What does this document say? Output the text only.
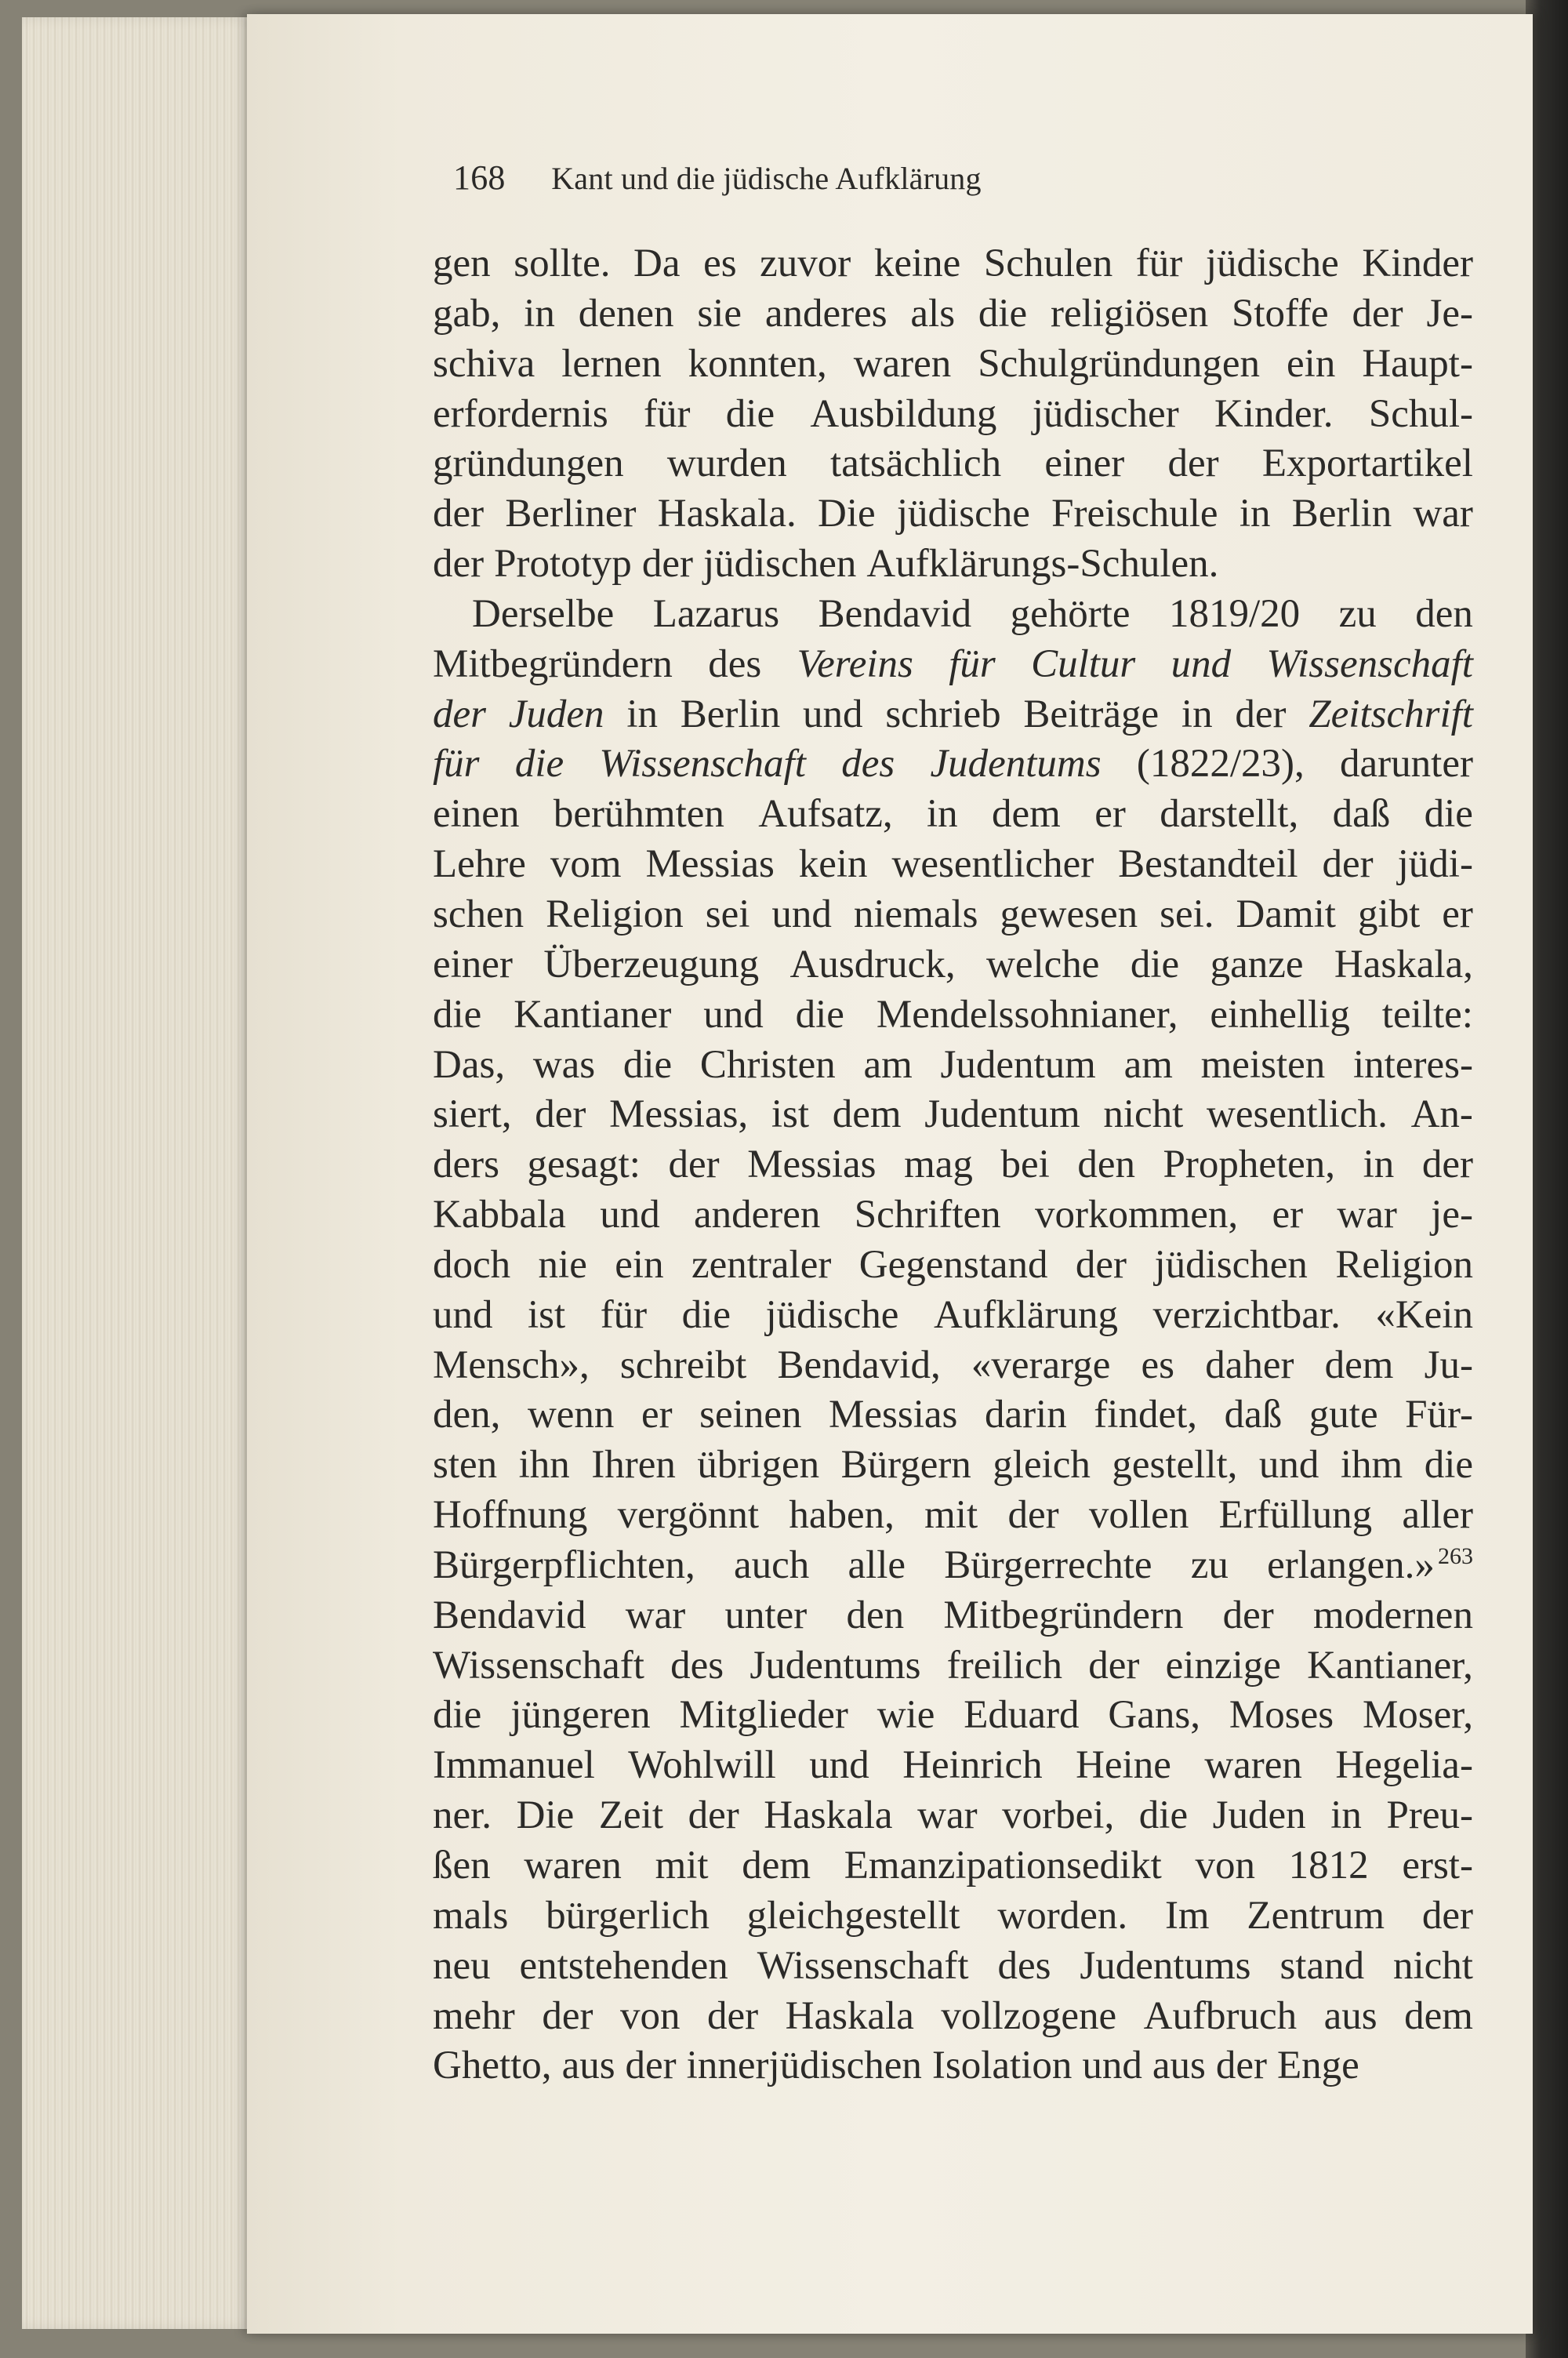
168 Kant und die jüdische Aufklärung
gen sollte. Da es zuvor keine Schulen für jüdische Kinder
gab, in denen sie anderes als die religiösen Stoffe der Je-
schiva lernen konnten, waren Schulgründungen ein Haupt-
erfordernis für die Ausbildung jüdischer Kinder. Schul-
gründungen wurden tatsächlich einer der Exportartikel
der Berliner Haskala. Die jüdische Freischule in Berlin war
der Prototyp der jüdischen Aufklärungs-Schulen.
Derselbe Lazarus Bendavid gehörte 1819/20 zu den
Mitbegründern des Vereins für Cultur und Wissenschaft
der Juden in Berlin und schrieb Beiträge in der Zeitschrift
für die Wissenschaft des Judentums (1822/23), darunter
einen berühmten Aufsatz, in dem er darstellt, daß die
Lehre vom Messias kein wesentlicher Bestandteil der jüdi-
schen Religion sei und niemals gewesen sei. Damit gibt er
einer Überzeugung Ausdruck, welche die ganze Haskala,
die Kantianer und die Mendelssohnianer, einhellig teilte:
Das, was die Christen am Judentum am meisten interes-
siert, der Messias, ist dem Judentum nicht wesentlich. An-
ders gesagt: der Messias mag bei den Propheten, in der
Kabbala und anderen Schriften vorkommen, er war je-
doch nie ein zentraler Gegenstand der jüdischen Religion
und ist für die jüdische Aufklärung verzichtbar. «Kein
Mensch», schreibt Bendavid, «verarge es daher dem Ju-
den, wenn er seinen Messias darin findet, daß gute Für-
sten ihn Ihren übrigen Bürgern gleich gestellt, und ihm die
Hoffnung vergönnt haben, mit der vollen Erfüllung aller
Bürgerpflichten, auch alle Bürgerrechte zu erlangen.» 263
Bendavid war unter den Mitbegründern der modernen
Wissenschaft des Judentums freilich der einzige Kantianer,
die jüngeren Mitglieder wie Eduard Gans, Moses Moser,
Immanuel Wohlwill und Heinrich Heine waren Hegelia-
ner. Die Zeit der Haskala war vorbei, die Juden in Preu-
ßen waren mit dem Emanzipationsedikt von 1812 erst-
mals bürgerlich gleichgestellt worden. Im Zentrum der
neu entstehenden Wissenschaft des Judentums stand nicht
mehr der von der Haskala vollzogene Aufbruch aus dem
Ghetto, aus der innerjüdischen Isolation und aus der Enge
